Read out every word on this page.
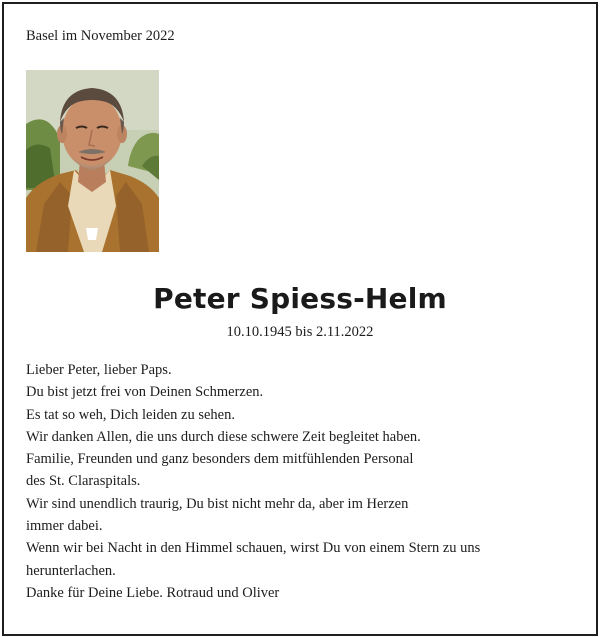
Basel im November 2022

Peter Spiess-Helm

10.10.1945 bis 2.11.2022

Lieber Peter, lieber Paps.
Du bist jetzt frei von Deinen Schmerzen.
Es tat so weh, Dich leiden zu sehen.
Wir danken Allen, die uns durch diese schwere Zeit begleitet haben.
Familie, Freunden und ganz besonders dem mitfühlenden Personal
des St. Claraspitals.
Wir sind unendlich traurig, Du bist nicht mehr da, aber im Herzen
immer dabei.
Wenn wir bei Nacht in den Himmel schauen, wirst Du von einem Stern zu uns
herunterlachen.
Danke für Deine Liebe. Rotraud und Oliver
